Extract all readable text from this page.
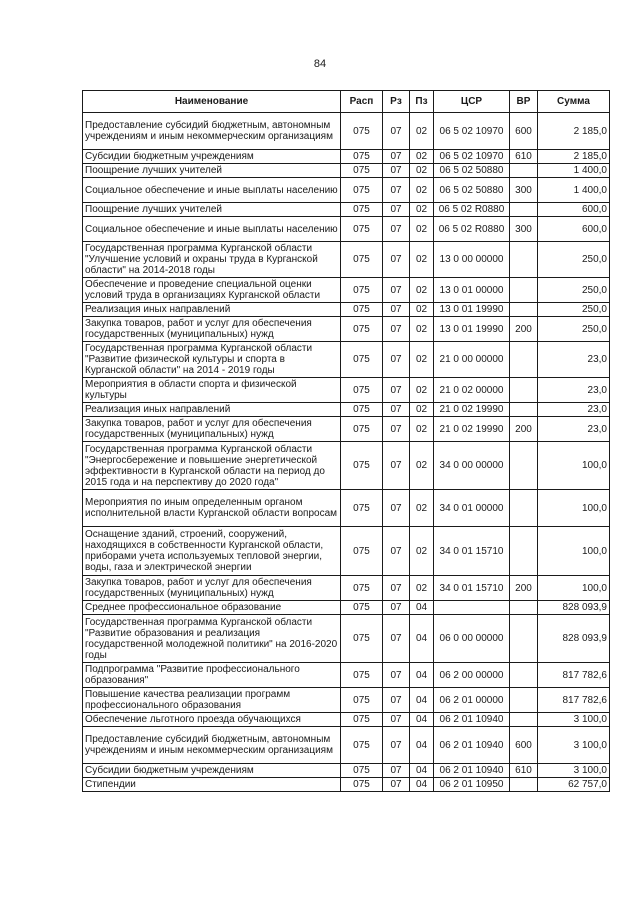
84
Наименование	Расп	Рз	Пз	ЦСР	ВР	Сумма
Предоставление субсидий бюджетным, автономным учреждениям и иным некоммерческим организациям	075	07	02	06 5 02 10970	600	2 185,0
Субсидии бюджетным учреждениям	075	07	02	06 5 02 10970	610	2 185,0
Поощрение лучших учителей	075	07	02	06 5 02 50880		1 400,0
Социальное обеспечение и иные выплаты населению	075	07	02	06 5 02 50880	300	1 400,0
Поощрение лучших учителей	075	07	02	06 5 02 R0880		600,0
Социальное обеспечение и иные выплаты населению	075	07	02	06 5 02 R0880	300	600,0
Государственная программа Курганской области "Улучшение условий и охраны труда в Курганской области" на 2014-2018 годы	075	07	02	13 0 00 00000		250,0
Обеспечение и проведение специальной оценки условий труда в организациях Курганской области	075	07	02	13 0 01 00000		250,0
Реализация иных направлений	075	07	02	13 0 01 19990		250,0
Закупка товаров, работ и услуг для обеспечения государственных (муниципальных) нужд	075	07	02	13 0 01 19990	200	250,0
Государственная программа Курганской области "Развитие физической культуры и спорта в Курганской области" на 2014 - 2019 годы	075	07	02	21 0 00 00000		23,0
Мероприятия в области спорта и физической культуры	075	07	02	21 0 02 00000		23,0
Реализация иных направлений	075	07	02	21 0 02 19990		23,0
Закупка товаров, работ и услуг для обеспечения государственных (муниципальных) нужд	075	07	02	21 0 02 19990	200	23,0
Государственная программа Курганской области "Энергосбережение и повышение энергетической эффективности в Курганской области на период до 2015 года и на перспективу до 2020 года"	075	07	02	34 0 00 00000		100,0
Мероприятия по иным определенным органом исполнительной власти Курганской области вопросам	075	07	02	34 0 01 00000		100,0
Оснащение зданий, строений, сооружений, находящихся в собственности Курганской области, приборами учета используемых тепловой энергии, воды, газа и электрической энергии	075	07	02	34 0 01 15710		100,0
Закупка товаров, работ и услуг для обеспечения государственных (муниципальных) нужд	075	07	02	34 0 01 15710	200	100,0
Среднее профессиональное образование	075	07	04			828 093,9
Государственная программа Курганской области "Развитие образования и реализация государственной молодежной политики" на 2016-2020 годы	075	07	04	06 0 00 00000		828 093,9
Подпрограмма "Развитие профессионального образования"	075	07	04	06 2 00 00000		817 782,6
Повышение качества реализации программ профессионального образования	075	07	04	06 2 01 00000		817 782,6
Обеспечение льготного проезда обучающихся	075	07	04	06 2 01 10940		3 100,0
Предоставление субсидий бюджетным, автономным учреждениям и иным некоммерческим организациям	075	07	04	06 2 01 10940	600	3 100,0
Субсидии бюджетным учреждениям	075	07	04	06 2 01 10940	610	3 100,0
Стипендии	075	07	04	06 2 01 10950		62 757,0
